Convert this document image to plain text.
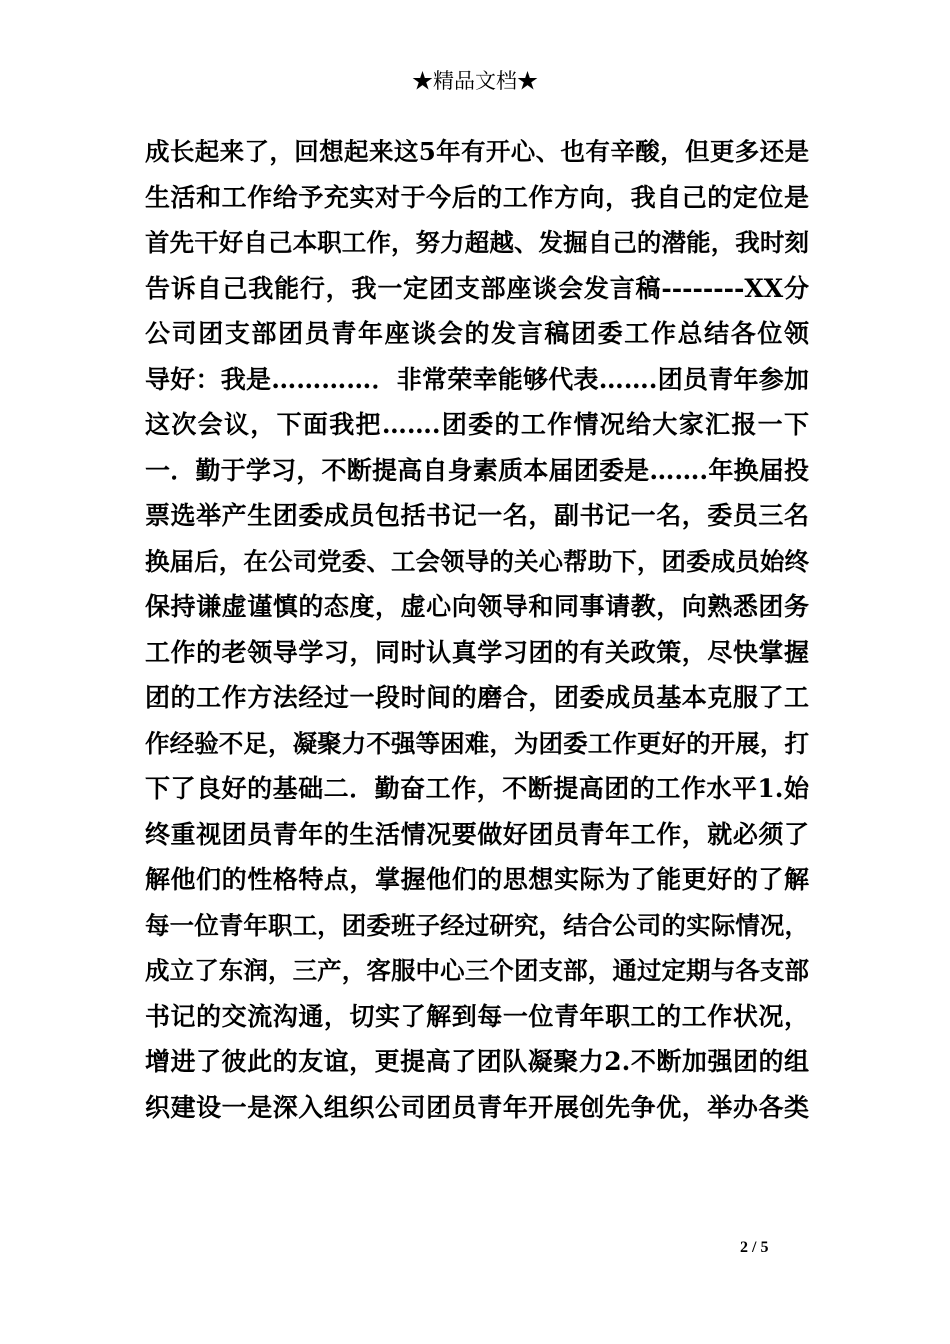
★精品文档★
成长起来了，回想起来这5年有开心、也有辛酸，但更多还是
生活和工作给予充实对于今后的工作方向，我自己的定位是
首先干好自己本职工作，努力超越、发掘自己的潜能，我时刻
告诉自己我能行，我一定团支部座谈会发言稿--------XX分
公司团支部团员青年座谈会的发言稿团委工作总结各位领
导好：我是…………．非常荣幸能够代表…….团员青年参加
这次会议，下面我把…….团委的工作情况给大家汇报一下
一．勤于学习，不断提高自身素质本届团委是…….年换届投
票选举产生团委成员包括书记一名，副书记一名，委员三名
换届后，在公司党委、工会领导的关心帮助下，团委成员始终
保持谦虚谨慎的态度，虚心向领导和同事请教，向熟悉团务
工作的老领导学习，同时认真学习团的有关政策，尽快掌握
团的工作方法经过一段时间的磨合，团委成员基本克服了工
作经验不足，凝聚力不强等困难，为团委工作更好的开展，打
下了良好的基础二．勤奋工作，不断提高团的工作水平1.始
终重视团员青年的生活情况要做好团员青年工作，就必须了
解他们的性格特点，掌握他们的思想实际为了能更好的了解
每一位青年职工，团委班子经过研究，结合公司的实际情况，
成立了东润，三产，客服中心三个团支部，通过定期与各支部
书记的交流沟通，切实了解到每一位青年职工的工作状况，
增进了彼此的友谊，更提高了团队凝聚力2.不断加强团的组
织建设一是深入组织公司团员青年开展创先争优，举办各类
2 / 5
